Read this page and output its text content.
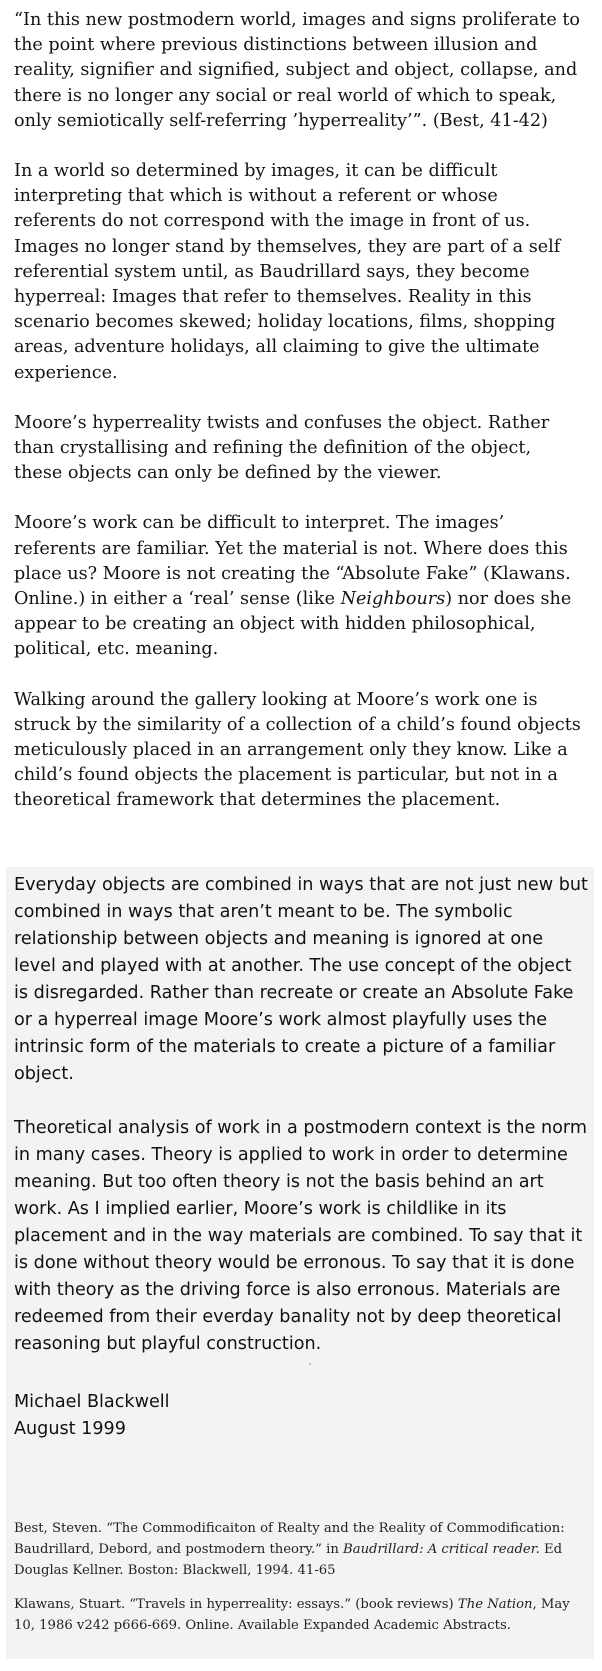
“In this new postmodern world, images and signs proliferate to the point where previous distinctions between illusion and reality, signifier and signified, subject and object, collapse, and there is no longer any social or real world of which to speak, only semiotically self-referring ’hyperreality’”. (Best, 41-42)

In a world so determined by images, it can be difficult interpreting that which is without a referent or whose referents do not correspond with the image in front of us. Images no longer stand by themselves, they are part of a self referential system until, as Baudrillard says, they become hyperreal: Images that refer to themselves. Reality in this scenario becomes skewed; holiday locations, films, shopping areas, adventure holidays, all claiming to give the ultimate experience.

Moore’s hyperreality twists and confuses the object. Rather than crystallising and refining the definition of the object, these objects can only be defined by the viewer.

Moore’s work can be difficult to interpret. The images’ referents are familiar. Yet the material is not. Where does this place us? Moore is not creating the “Absolute Fake” (Klawans. Online.) in either a ‘real’ sense (like Neighbours) nor does she appear to be creating an object with hidden philosophical, political, etc. meaning.

Walking around the gallery looking at Moore’s work one is struck by the similarity of a collection of a child’s found objects meticulously placed in an arrangement only they know. Like a child’s found objects the placement is particular, but not in a theoretical framework that determines the placement.

Everyday objects are combined in ways that are not just new but combined in ways that aren’t meant to be. The symbolic relationship between objects and meaning is ignored at one level and played with at another. The use concept of the object is disregarded. Rather than recreate or create an Absolute Fake or a hyperreal image Moore’s work almost playfully uses the intrinsic form of the materials to create a picture of a familiar object.

Theoretical analysis of work in a postmodern context is the norm in many cases. Theory is applied to work in order to determine meaning. But too often theory is not the basis behind an art work. As I implied earlier, Moore’s work is childlike in its placement and in the way materials are combined. To say that it is done without theory would be erronous. To say that it is done with theory as the driving force is also erronous. Materials are redeemed from their everday banality not by deep theoretical reasoning but playful construction.

Michael Blackwell
August 1999

Best, Steven. “The Commodificaiton of Realty and the Reality of Commodification: Baudrillard, Debord, and postmodern theory.” in Baudrillard: A critical reader. Ed Douglas Kellner. Boston: Blackwell, 1994. 41-65

Klawans, Stuart. “Travels in hyperreality: essays.” (book reviews) The Nation, May 10, 1986 v242 p666-669. Online. Available Expanded Academic Abstracts.
